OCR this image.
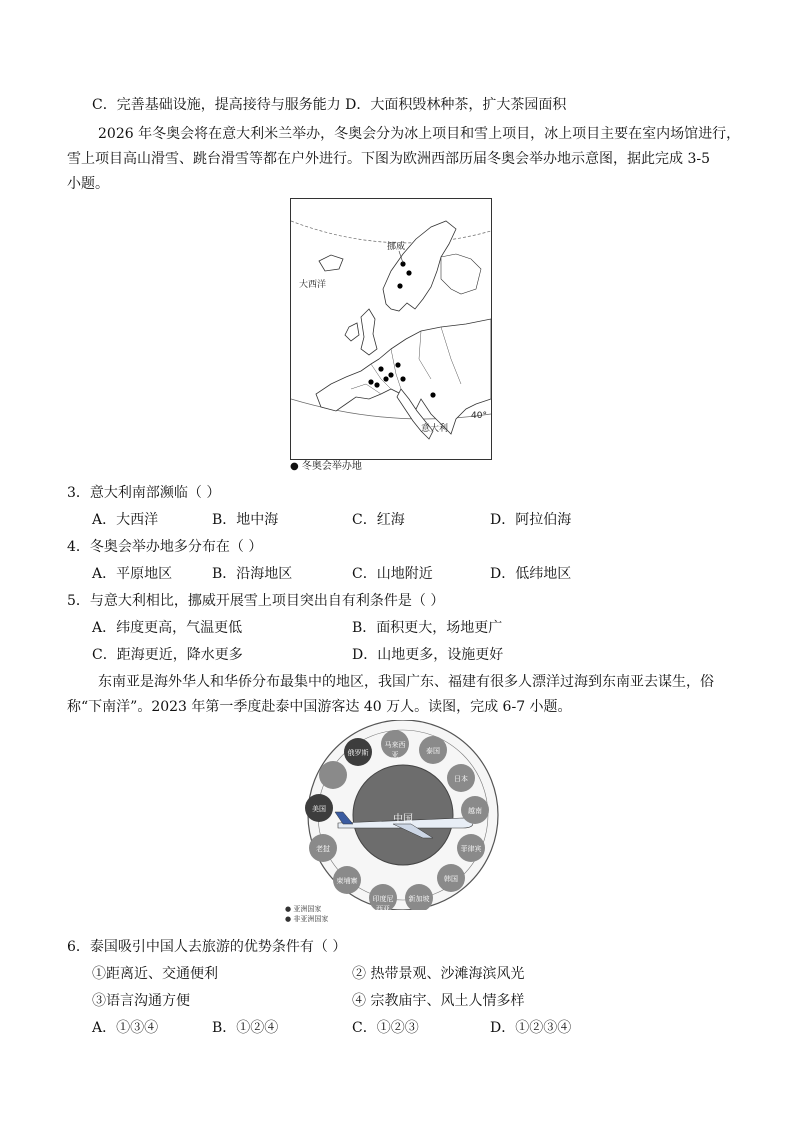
C．完善基础设施，提高接待与服务能力 D．大面积毁林种茶，扩大茶园面积
2026 年冬奥会将在意大利米兰举办，冬奥会分为冰上项目和雪上项目，冰上项目主要在室内场馆进行，
雪上项目高山滑雪、跳台滑雪等都在户外进行。下图为欧洲西部历届冬奥会举办地示意图，据此完成 3-5
小题。
挪威
大西洋
意大利
40°
● 冬奥会举办地
3．意大利南部濒临（ ）
A．大西洋	B．地中海	C．红海	D．阿拉伯海
4．冬奥会举办地多分布在（ ）
A．平原地区	B．沿海地区	C．山地附近	D．低纬地区
5．与意大利相比，挪威开展雪上项目突出自有利条件是（ ）
A．纬度更高，气温更低	B．面积更大，场地更广
C．距海更近，降水更多	D．山地更多，设施更好
东南亚是海外华人和华侨分布最集中的地区，我国广东、福建有很多人漂洋过海到东南亚去谋生，俗
称“下南洋”。2023 年第一季度赴泰中国游客达 40 万人。读图，完成 6-7 小题。
中国
俄罗斯
马来西亚	泰国
日本
越南
菲律宾
美国
韩国
新加坡
印度尼西亚
柬埔寨
老挝
● 亚洲国家
● 非亚洲国家
6．泰国吸引中国人去旅游的优势条件有（ ）
①距离近、交通便利	② 热带景观、沙滩海滨风光
③语言沟通方便	④ 宗教庙宇、风土人情多样
A．①③④	B．①②④	C．①②③	D．①②③④
